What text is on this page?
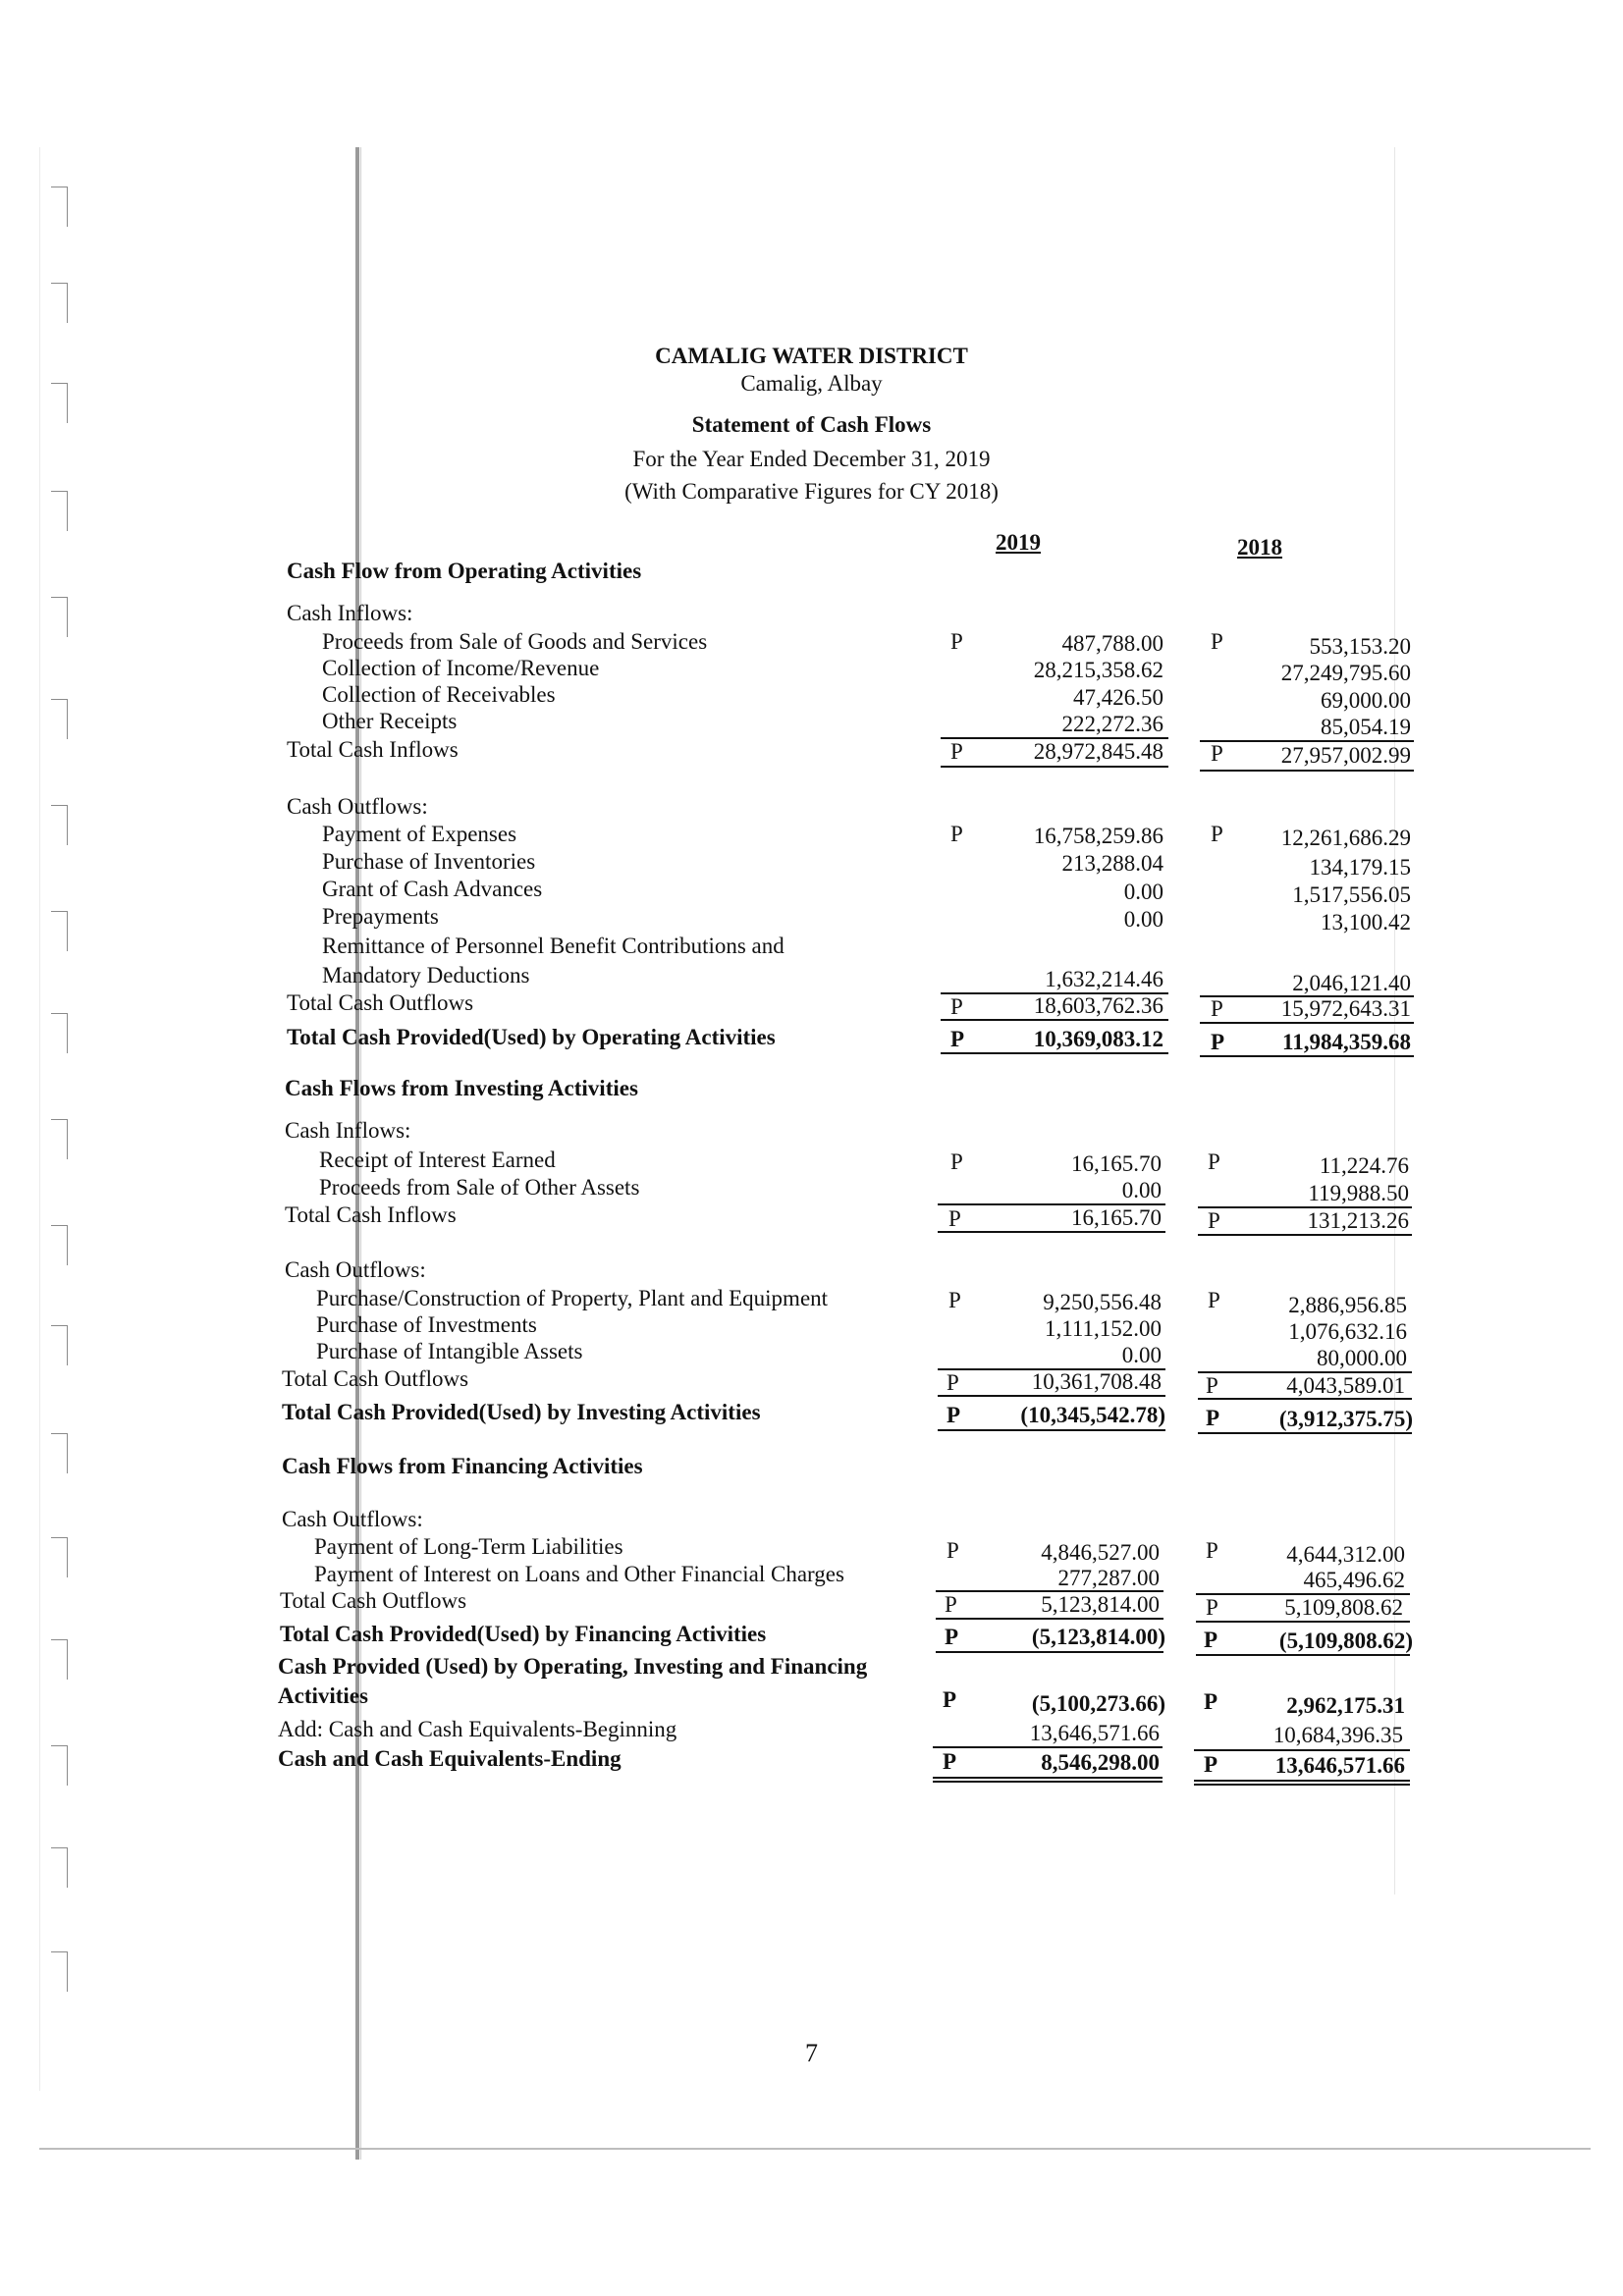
CAMALIG WATER DISTRICT
Camalig, Albay
Statement of Cash Flows
For the Year Ended December 31, 2019
(With Comparative Figures for CY 2018)
2019	2018
Cash Flow from Operating Activities
Cash Inflows:
Proceeds from Sale of Goods and Services	P	487,788.00 P	553,153.20
Collection of Income/Revenue	28,215,358.62	27,249,795.60
Collection of Receivables	47,426.50	69,000.00
Other Receipts	222,272.36	85,054.19
Total Cash Inflows	P	28,972,845.48 P	27,957,002.99
Cash Outflows:
Payment of Expenses	P	16,758,259.86 P	12,261,686.29
Purchase of Inventories	213,288.04	134,179.15
Grant of Cash Advances	0.00	1,517,556.05
Prepayments	0.00	13,100.42
Remittance of Personnel Benefit Contributions and
Mandatory Deductions	1,632,214.46	2,046,121.40
Total Cash Outflows	P	18,603,762.36 P	15,972,643.31
Total Cash Provided(Used) by Operating Activities	P	10,369,083.12 P	11,984,359.68
Cash Flows from Investing Activities
Cash Inflows:
Receipt of Interest Earned	P	16,165.70 P	11,224.76
Proceeds from Sale of Other Assets	0.00	119,988.50
Total Cash Inflows	P	16,165.70 P	131,213.26
Cash Outflows:
Purchase/Construction of Property, Plant and Equipment	P	9,250,556.48 P	2,886,956.85
Purchase of Investments	1,111,152.00	1,076,632.16
Purchase of Intangible Assets	0.00	80,000.00
Total Cash Outflows	P	10,361,708.48 P	4,043,589.01
Total Cash Provided(Used) by Investing Activities	P	(10,345,542.78) P	(3,912,375.75)
Cash Flows from Financing Activities
Cash Outflows:
Payment of Long-Term Liabilities	P	4,846,527.00 P	4,644,312.00
Payment of Interest on Loans and Other Financial Charges	277,287.00	465,496.62
Total Cash Outflows	P	5,123,814.00 P	5,109,808.62
Total Cash Provided(Used) by Financing Activities	P	(5,123,814.00) P	(5,109,808.62)
Cash Provided (Used) by Operating, Investing and Financing
Activities	P	(5,100,273.66) P	2,962,175.31
Add: Cash and Cash Equivalents-Beginning	13,646,571.66	10,684,396.35
Cash and Cash Equivalents-Ending	P	8,546,298.00 P	13,646,571.66
7
